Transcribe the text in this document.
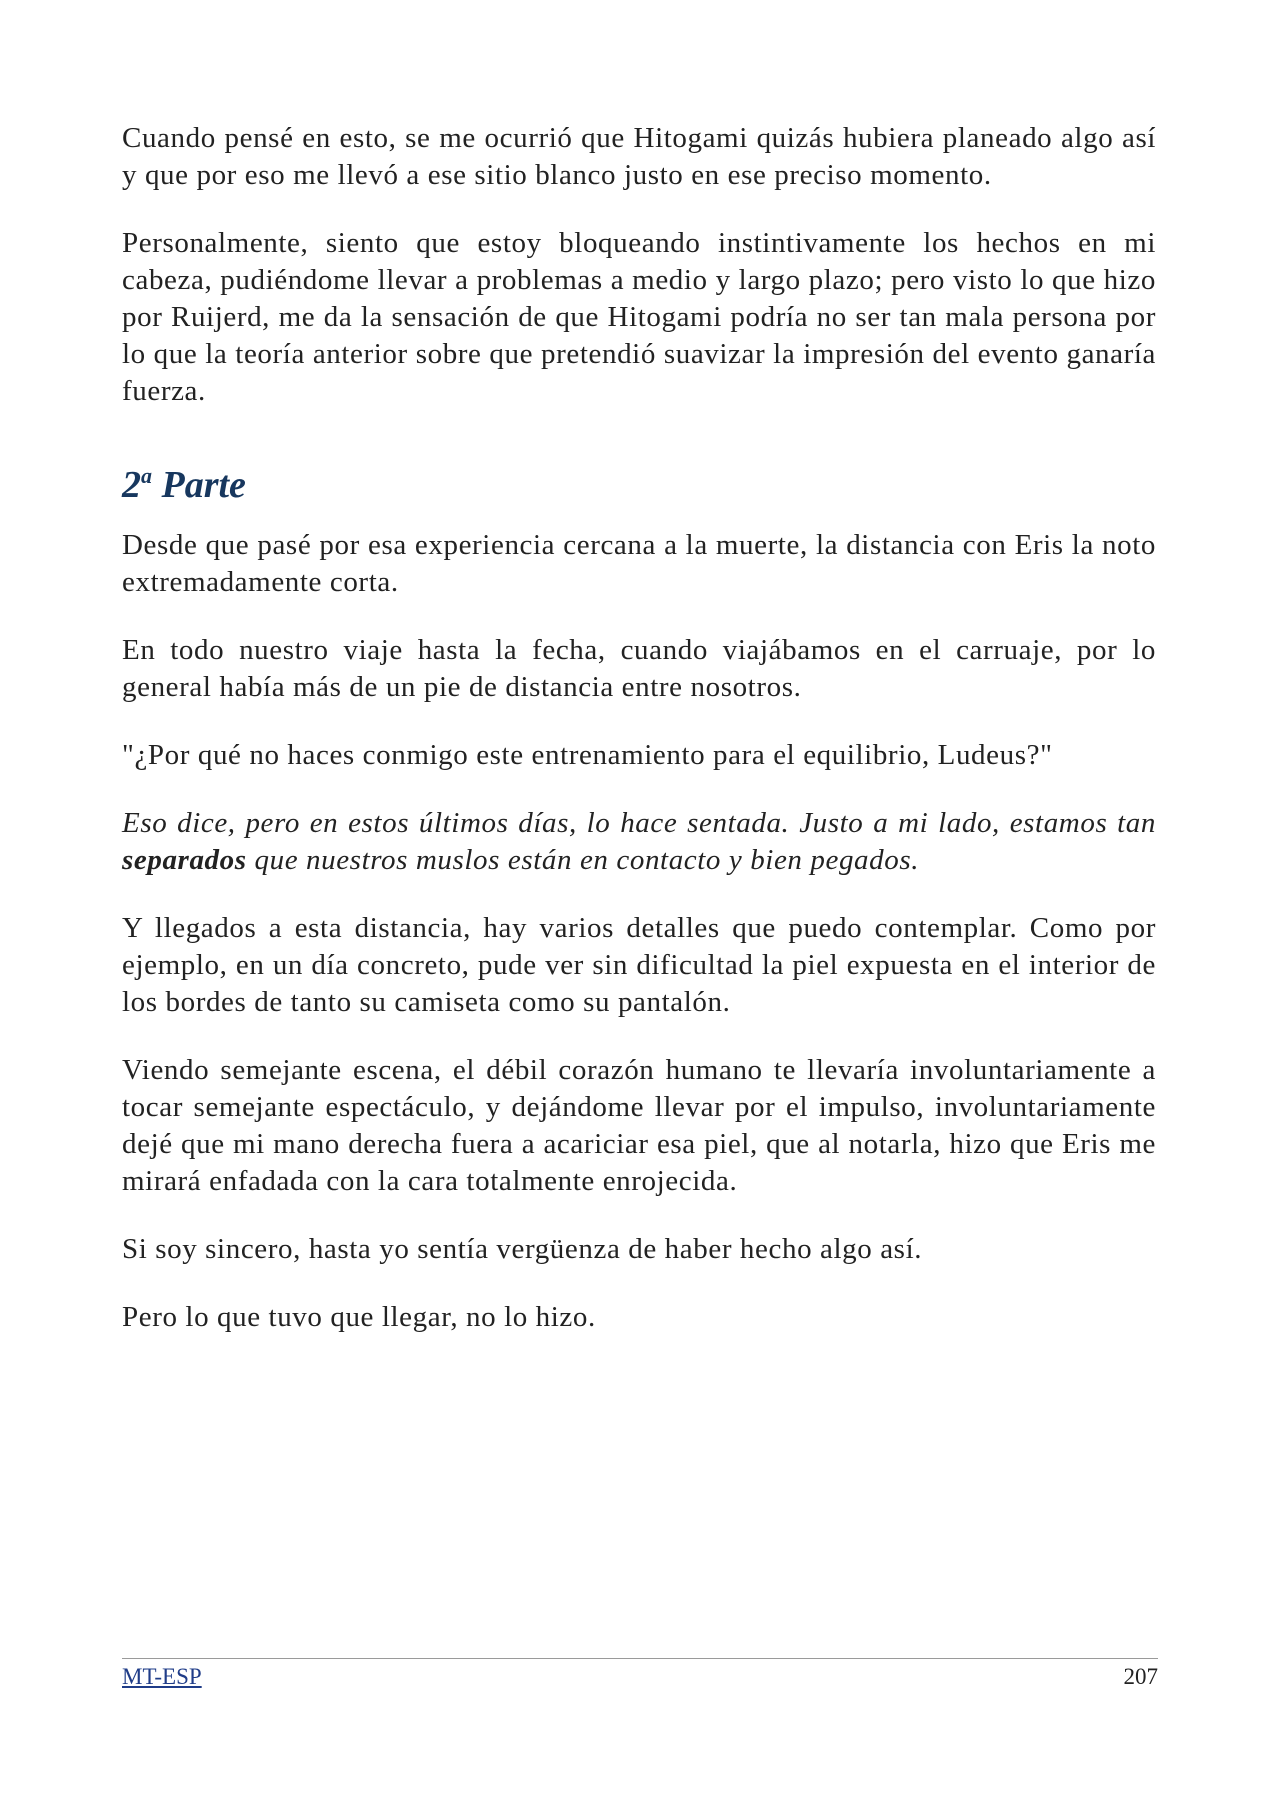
Cuando pensé en esto, se me ocurrió que Hitogami quizás hubiera planeado algo así y que por eso me llevó a ese sitio blanco justo en ese preciso momento.

Personalmente, siento que estoy bloqueando instintivamente los hechos en mi cabeza, pudiéndome llevar a problemas a medio y largo plazo; pero visto lo que hizo por Ruijerd, me da la sensación de que Hitogami podría no ser tan mala persona por lo que la teoría anterior sobre que pretendió suavizar la impresión del evento ganaría fuerza.

2$^a$ Parte

Desde que pasé por esa experiencia cercana a la muerte, la distancia con Eris la noto extremadamente corta.

En todo nuestro viaje hasta la fecha, cuando viajábamos en el carruaje, por lo general había más de un pie de distancia entre nosotros.

"¿Por qué no haces conmigo este entrenamiento para el equilibrio, Ludeus?"

Eso dice, pero en estos últimos días, lo hace sentada. Justo a mi lado, estamos tan separados que nuestros muslos están en contacto y bien pegados.

Y llegados a esta distancia, hay varios detalles que puedo contemplar. Como por ejemplo, en un día concreto, pude ver sin dificultad la piel expuesta en el interior de los bordes de tanto su camiseta como su pantalón.

Viendo semejante escena, el débil corazón humano te llevaría involuntariamente a tocar semejante espectáculo, y dejándome llevar por el impulso, involuntariamente dejé que mi mano derecha fuera a acariciar esa piel, que al notarla, hizo que Eris me mirará enfadada con la cara totalmente enrojecida.

Si soy sincero, hasta yo sentía vergüenza de haber hecho algo así.

Pero lo que tuvo que llegar, no lo hizo.

MT-ESP	207
